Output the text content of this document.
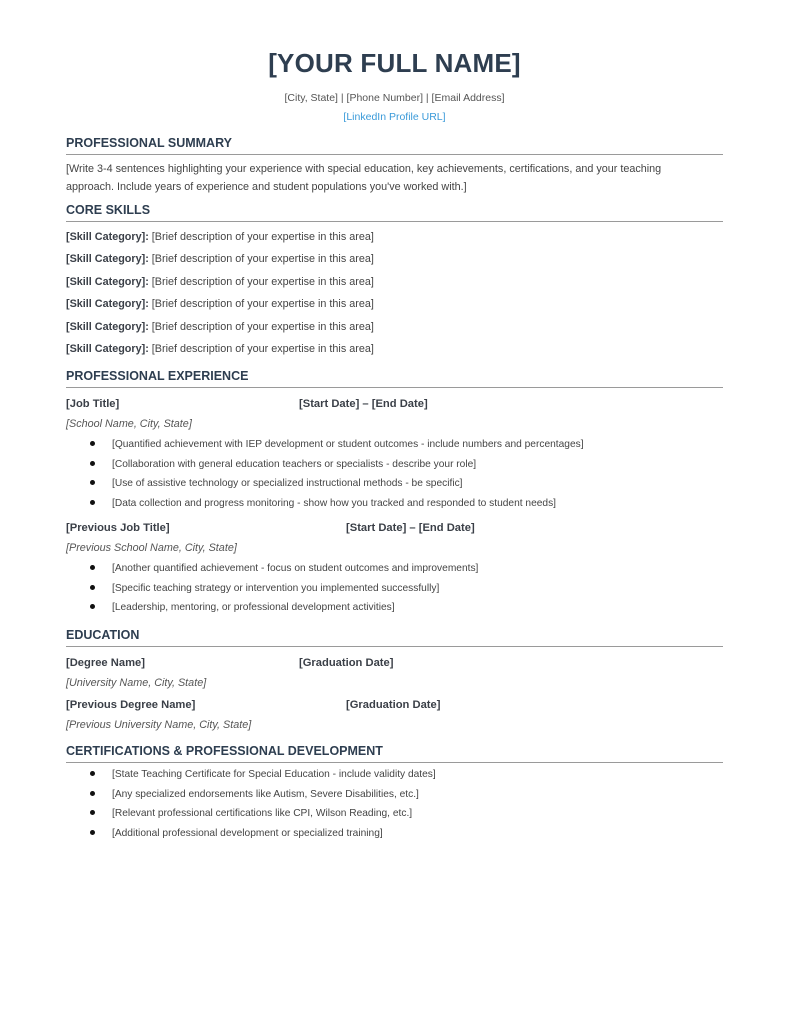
[YOUR FULL NAME]
[City, State] | [Phone Number] | [Email Address]
[LinkedIn Profile URL]
PROFESSIONAL SUMMARY
[Write 3-4 sentences highlighting your experience with special education, key achievements, certifications, and your teaching approach. Include years of experience and student populations you've worked with.]
CORE SKILLS
[Skill Category]: [Brief description of your expertise in this area]
[Skill Category]: [Brief description of your expertise in this area]
[Skill Category]: [Brief description of your expertise in this area]
[Skill Category]: [Brief description of your expertise in this area]
[Skill Category]: [Brief description of your expertise in this area]
[Skill Category]: [Brief description of your expertise in this area]
PROFESSIONAL EXPERIENCE
[Job Title]	[Start Date] – [End Date]
[School Name, City, State]
[Quantified achievement with IEP development or student outcomes - include numbers and percentages]
[Collaboration with general education teachers or specialists - describe your role]
[Use of assistive technology or specialized instructional methods - be specific]
[Data collection and progress monitoring - show how you tracked and responded to student needs]
[Previous Job Title]	[Start Date] – [End Date]
[Previous School Name, City, State]
[Another quantified achievement - focus on student outcomes and improvements]
[Specific teaching strategy or intervention you implemented successfully]
[Leadership, mentoring, or professional development activities]
EDUCATION
[Degree Name]	[Graduation Date]
[University Name, City, State]
[Previous Degree Name]	[Graduation Date]
[Previous University Name, City, State]
CERTIFICATIONS & PROFESSIONAL DEVELOPMENT
[State Teaching Certificate for Special Education - include validity dates]
[Any specialized endorsements like Autism, Severe Disabilities, etc.]
[Relevant professional certifications like CPI, Wilson Reading, etc.]
[Additional professional development or specialized training]
